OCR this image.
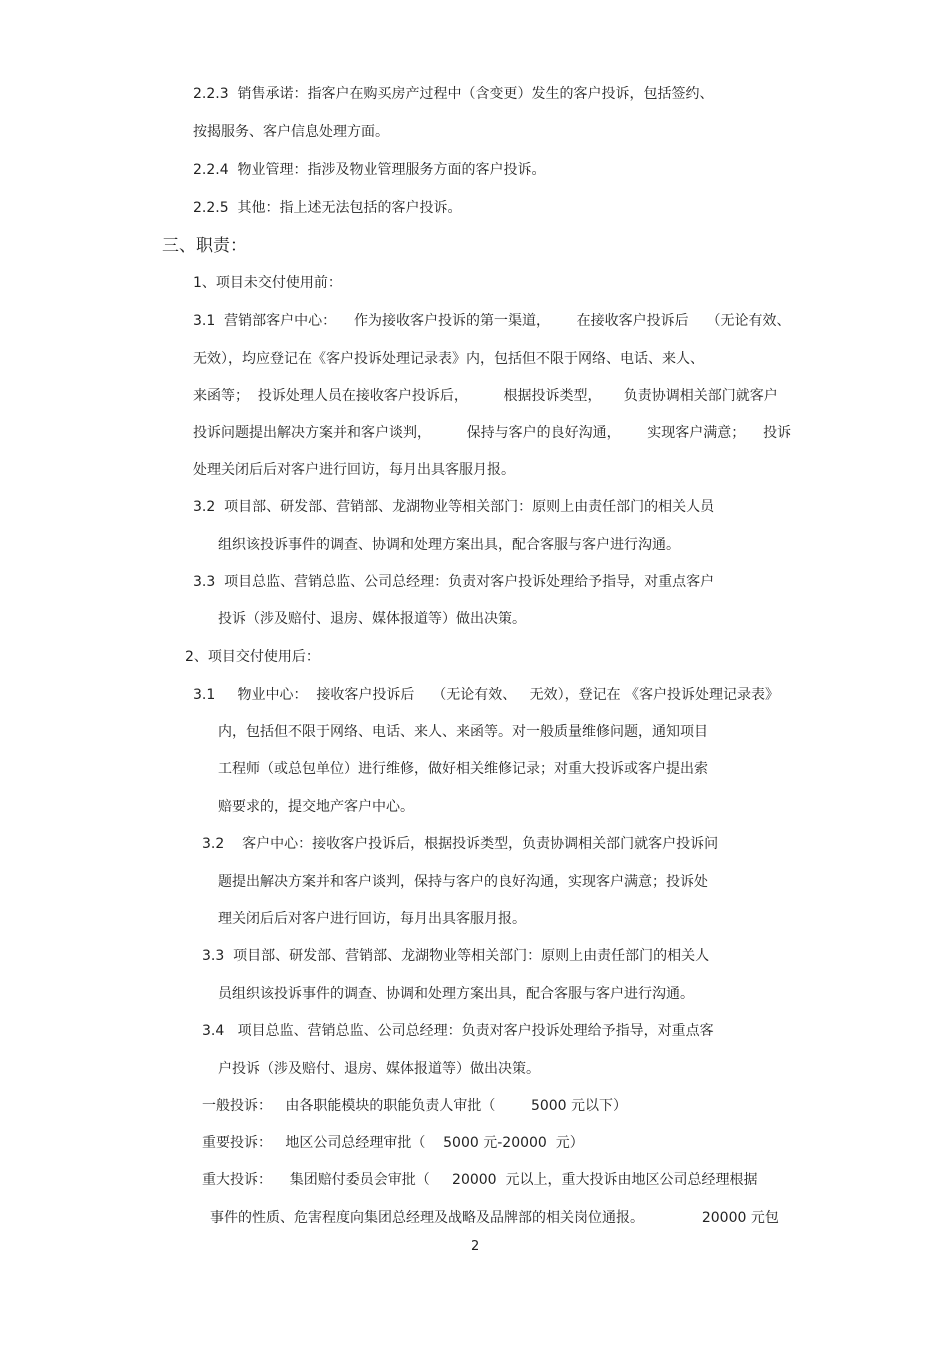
2.2.3  销售承诺：指客户在购买房产过程中（含变更）发生的客户投诉，包括签约、
按揭服务、客户信息处理方面。
2.2.4  物业管理：指涉及物业管理服务方面的客户投诉。
2.2.5  其他：指上述无法包括的客户投诉。
三、职责：
1、项目未交付使用前：
3.1  营销部客户中心：    作为接收客户投诉的第一渠道，      在接收客户投诉后    （无论有效、
无效），均应登记在《客户投诉处理记录表》内，包括但不限于网络、电话、来人、
来函等；  投诉处理人员在接收客户投诉后，        根据投诉类型，     负责协调相关部门就客户
投诉问题提出解决方案并和客户谈判，        保持与客户的良好沟通，      实现客户满意；    投诉
处理关闭后后对客户进行回访，每月出具客服月报。
3.2  项目部、研发部、营销部、龙湖物业等相关部门：原则上由责任部门的相关人员
组织该投诉事件的调查、协调和处理方案出具，配合客服与客户进行沟通。
3.3  项目总监、营销总监、公司总经理：负责对客户投诉处理给予指导，对重点客户
投诉（涉及赔付、退房、媒体报道等）做出决策。
2、项目交付使用后：
3.1     物业中心：  接收客户投诉后    （无论有效、   无效），登记在 《客户投诉处理记录表》
内，包括但不限于网络、电话、来人、来函等。对一般质量维修问题，通知项目
工程师（或总包单位）进行维修，做好相关维修记录；对重大投诉或客户提出索
赔要求的，提交地产客户中心。
3.2    客户中心：接收客户投诉后，根据投诉类型，负责协调相关部门就客户投诉问
题提出解决方案并和客户谈判，保持与客户的良好沟通，实现客户满意；投诉处
理关闭后后对客户进行回访，每月出具客服月报。
3.3  项目部、研发部、营销部、龙湖物业等相关部门：原则上由责任部门的相关人
员组织该投诉事件的调查、协调和处理方案出具，配合客服与客户进行沟通。
3.4   项目总监、营销总监、公司总经理：负责对客户投诉处理给予指导，对重点客
户投诉（涉及赔付、退房、媒体报道等）做出决策。
一般投诉：   由各职能模块的职能负责人审批（        5000 元以下）
重要投诉：   地区公司总经理审批（    5000 元-20000  元）
重大投诉：    集团赔付委员会审批（     20000  元以上，重大投诉由地区公司总经理根据
事件的性质、危害程度向集团总经理及战略及品牌部的相关岗位通报。             20000 元包
2
